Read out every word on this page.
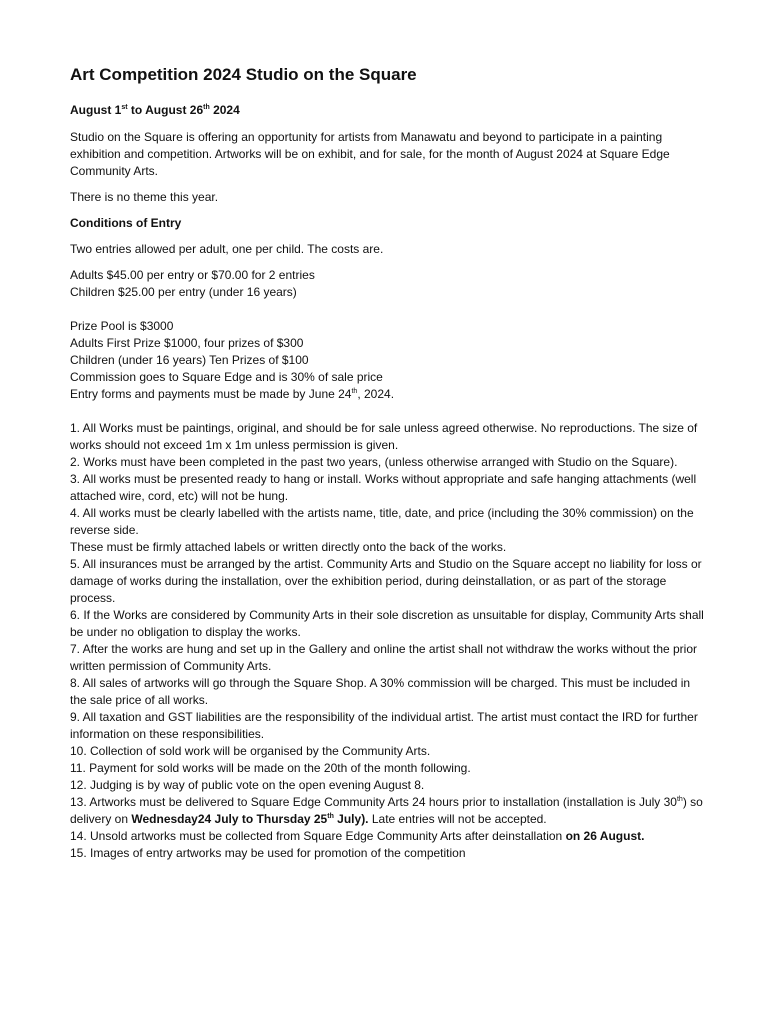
Art Competition 2024 Studio on the Square

August 1st to August 26th 2024

Studio on the Square is offering an opportunity for artists from Manawatu and beyond to participate in a painting exhibition and competition. Artworks will be on exhibit, and for sale, for the month of August 2024 at Square Edge Community Arts.

There is no theme this year.

Conditions of Entry

Two entries allowed per adult, one per child. The costs are.

Adults $45.00 per entry or $70.00 for 2 entries

Children $25.00 per entry (under 16 years)

Prize Pool is $3000

Adults First Prize $1000, four prizes of $300

Children (under 16 years) Ten Prizes of $100

Commission goes to Square Edge and is 30% of sale price

Entry forms and payments must be made by June 24th, 2024.

1. All Works must be paintings, original, and should be for sale unless agreed otherwise. No reproductions. The size of works should not exceed 1m x 1m unless permission is given.

2. Works must have been completed in the past two years, (unless otherwise arranged with Studio on the Square).

3. All works must be presented ready to hang or install. Works without appropriate and safe hanging attachments (well attached wire, cord, etc) will not be hung.

4. All works must be clearly labelled with the artists name, title, date, and price (including the 30% commission) on the reverse side.

These must be firmly attached labels or written directly onto the back of the works.

5. All insurances must be arranged by the artist. Community Arts and Studio on the Square accept no liability for loss or damage of works during the installation, over the exhibition period, during deinstallation, or as part of the storage process.

6. If the Works are considered by Community Arts in their sole discretion as unsuitable for display, Community Arts shall be under no obligation to display the works.

7. After the works are hung and set up in the Gallery and online the artist shall not withdraw the works without the prior written permission of Community Arts.

8. All sales of artworks will go through the Square Shop. A 30% commission will be charged. This must be included in the sale price of all works.

9. All taxation and GST liabilities are the responsibility of the individual artist. The artist must contact the IRD for further information on these responsibilities.

10. Collection of sold work will be organised by the Community Arts.

11. Payment for sold works will be made on the 20th of the month following.

12. Judging is by way of public vote on the open evening August 8.

13. Artworks must be delivered to Square Edge Community Arts 24 hours prior to installation (installation is July 30th) so delivery on Wednesday24 July to Thursday 25th July). Late entries will not be accepted.

14. Unsold artworks must be collected from Square Edge Community Arts after deinstallation on 26 August.

15. Images of entry artworks may be used for promotion of the competition
